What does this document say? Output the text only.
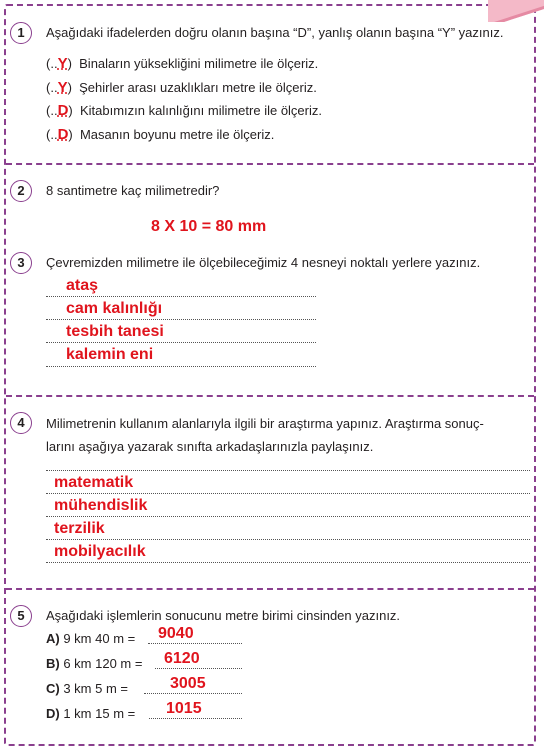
1	Aşağıdaki ifadelerden doğru olanın başına “D”, yanlış olanın başına “Y” yazınız.
(..Y)  Binaların yüksekliğini milimetre ile ölçeriz.
(..Y)  Şehirler arası uzaklıkları metre ile ölçeriz.
(..D)  Kitabımızın kalınlığını milimetre ile ölçeriz.
(..D)  Masanın boyunu metre ile ölçeriz.
2	8 santimetre kaç milimetredir?
8 X 10 = 80 mm
3	Çevremizden milimetre ile ölçebileceğimiz 4 nesneyi noktalı yerlere yazınız.
ataş
cam kalınlığı
tesbih tanesi
kalemin eni
4	Milimetrenin kullanım alanlarıyla ilgili bir araştırma yapınız. Araştırma sonuç-
larını aşağıya yazarak sınıfta arkadaşlarınızla paylaşınız.
matematik
mühendislik
terzilik
mobilyacılık
5	Aşağıdaki işlemlerin sonucunu metre birimi cinsinden yazınız.
A) 9 km 40 m = 9040
B) 6 km 120 m = 6120
C) 3 km 5 m =	3005
D) 1 km 15 m = 1015
